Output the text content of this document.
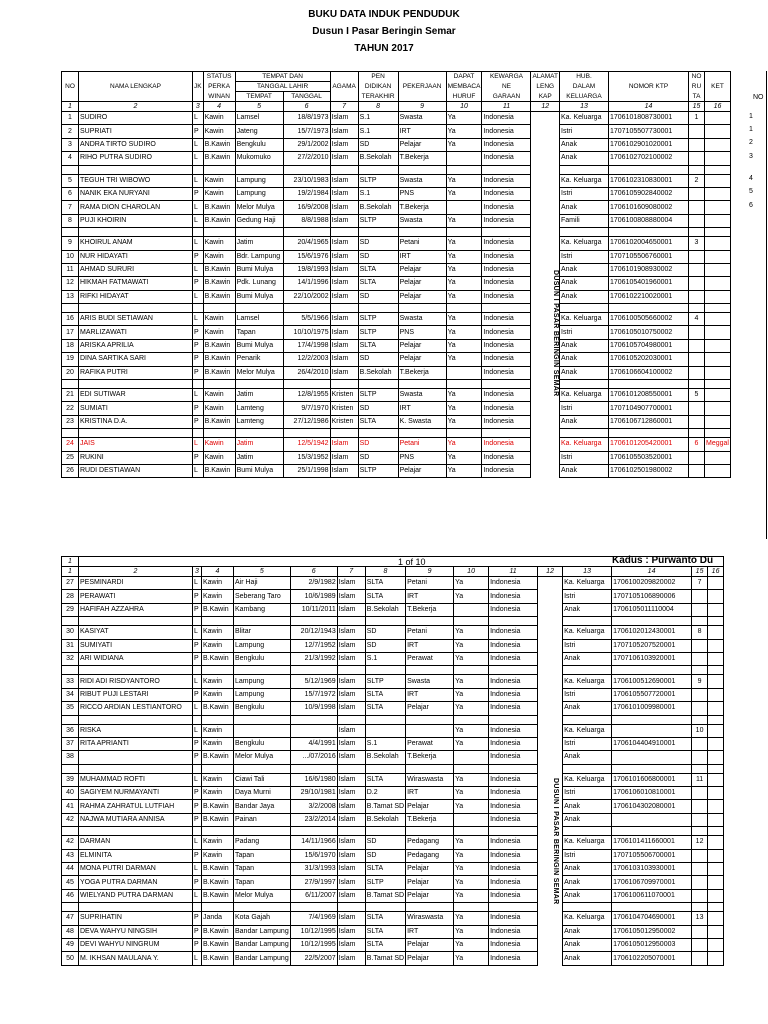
BUKU DATA INDUK PENDUDUK
Dusun I Pasar Beringin Semar
TAHUN 2017
NO	NAMA LENGKAP	JK	STATUS	TEMPAT DAN		AGAMA	PEN	PEKERJAAN	DAPAT	KEWARGA	ALAMAT	HUB.	NOMOR KTP	NO	KET
			PERKA	TANGGAL LAHIR			DIDIKAN		MEMBACA	NE	LENG	DALAM		RU	
			WINAN	TEMPAT	TANGGAL		TERAKHIR		HURUF	GARAAN	KAP	KELUARGA		TA	
1	2	3	4	5	6	7	8	9	10	11	12	13	14	15	16
1	SUDIRO	L	Kawin	Lamsel	18/8/1973	Islam	S.1	Swasta	Ya	Indonesia		Ka. Keluarga	1706101808730001	1	
2	SUPRIATI	P	Kawin	Jateng	15/7/1973	Islam	S.1	IRT	Ya	Indonesia		Istri	1707105507730001		
3	ANDRA TIRTO SUDIRO	L	B.Kawin	Bengkulu	29/1/2002	Islam	SD	Pelajar	Ya	Indonesia		Anak	1706102901020001		
4	RIHO PUTRA SUDIRO	L	B.Kawin	Mukomuko	27/2/2010	Islam	B.Sekolah	T.Bekerja		Indonesia		Anak	1706102702100002		

5	TEGUH TRI WIBOWO	L	Kawin	Lampung	23/10/1983	Islam	SLTP	Swasta	Ya	Indonesia		Ka. Keluarga	1706102310830001	2	
6	NANIK EKA NURYANI	P	Kawin	Lampung	19/2/1984	Islam	S.1	PNS	Ya	Indonesia		Istri	1706105902840002		
7	RAMA DION CHAROLAN	L	B.Kawin	Melor Mulya	16/9/2008	Islam	B.Sekolah	T.Bekerja		Indonesia		Anak	1706101609080002		
8	PUJI KHOIRIN	L	B.Kawin	Gedung Haji	8/8/1988	Islam	SLTP	Swasta	Ya	Indonesia		Famili	1706100808880004		

9	KHOIRUL ANAM	L	Kawin	Jatim	20/4/1965	Islam	SD	Petani	Ya	Indonesia		Ka. Keluarga	1706102004650001	3	
10	NUR HIDAYATI	P	Kawin	Bdr. Lampung	15/6/1976	Islam	SD	IRT	Ya	Indonesia		Istri	1707105506760001		
11	AHMAD SURURI	L	B.Kawin	Bumi Mulya	19/8/1993	Islam	SLTA	Pelajar	Ya	Indonesia		Anak	1706101908930002		
12	HIKMAH FATMAWATI	P	B.Kawin	Pdk. Lunang	14/1/1996	Islam	SLTA	Pelajar	Ya	Indonesia		Anak	1706105401960001		
13	RIFKI HIDAYAT	L	B.Kawin	Bumi Mulya	22/10/2002	Islam	SD	Pelajar	Ya	Indonesia		Anak	1706102210020001		

16	ARIS BUDI SETIAWAN	L	Kawin	Lamsel	5/5/1966	Islam	SLTP	Swasta	Ya	Indonesia		Ka. Keluarga	1706100505660002	4	
17	MARLIZAWATI	P	Kawin	Tapan	10/10/1975	Islam	SLTP	PNS	Ya	Indonesia		Istri	1706105010750002		
18	ARISKA APRILIA	P	B.Kawin	Bumi Mulya	17/4/1998	Islam	SLTA	Pelajar	Ya	Indonesia		Anak	1706105704980001		
19	DINA SARTIKA SARI	P	B.Kawin	Penarik	12/2/2003	Islam	SD	Pelajar	Ya	Indonesia		Anak	1706105202030001		
20	RAFIKA PUTRI	P	B.Kawin	Melor Mulya	26/4/2010	Islam	B.Sekolah	T.Bekerja		Indonesia		Anak	1706106604100002		

21	EDI SUTIWAR	L	Kawin	Jatim	12/8/1955	Kristen	SLTP	Swasta	Ya	Indonesia		Ka. Keluarga	1706101208550001	5	
22	SUMIATI	P	Kawin	Lamteng	9/7/1970	Kristen	SD	IRT	Ya	Indonesia		Istri	1707104907700001		
23	KRISTINA D.A.	P	B.Kawin	Lamteng	27/12/1986	Kristen	SLTA	K. Swasta	Ya	Indonesia		Anak	1706106712860001		

24	JAIS	L	Kawin	Jatim	12/5/1942	Islam	SD	Petani	Ya	Indonesia		Ka. Keluarga	1706101205420001	6	Meggal
25	RUKINI	P	Kawin	Jatim	15/3/1952	Islam	SD	PNS	Ya	Indonesia		Istri	1706105503520001		
26	RUDI DESTIAWAN	L	B.Kawin	Bumi Mulya	25/1/1998	Islam	SLTP	Pelajar	Ya	Indonesia		Anak	1706102501980002		
NO
1
1
2
3
4
5
6
DUSUN I PASAR BERINGIN SEMAR
1 of 10	Kadus : Purwanto Du
1															
1	2	3	4	5	6	7	8	9	10	11	12	13	14	15	16
27	PESMINARDI	L	Kawin	Air Haji	2/9/1982	Islam	SLTA	Petani	Ya	Indonesia		Ka. Keluarga	1706100209820002	7	
28	PERAWATI	P	Kawin	Seberang Taro	10/6/1989	Islam	SLTA	IRT	Ya	Indonesia		Istri	1707105106890006		
29	HAFIFAH AZZAHRA	P	B.Kawin	Kambang	10/11/2011	Islam	B.Sekolah	T.Bekerja		Indonesia		Anak	1706105011110004		

30	KASIYAT	L	Kawin	Blitar	20/12/1943	Islam	SD	Petani	Ya	Indonesia		Ka. Keluarga	1706102012430001	8	
31	SUMIYATI	P	Kawin	Lampung	12/7/1952	Islam	SD	IRT	Ya	Indonesia		Istri	1707105207520001		
32	ARI WIDIANA	P	B.Kawin	Bengkulu	21/3/1992	Islam	S.1	Perawat	Ya	Indonesia		Anak	1707106103920001		

33	RIDI ADI RISDYANTORO	L	Kawin	Lampung	5/12/1969	Islam	SLTP	Swasta	Ya	Indonesia		Ka. Keluarga	1706100512690001	9	
34	RIBUT PUJI LESTARI	P	Kawin	Lampung	15/7/1972	Islam	SLTA	IRT	Ya	Indonesia		Istri	1706105507720001		
35	RICCO ARDIAN LESTIANTORO	L	B.Kawin	Bengkulu	10/9/1998	Islam	SLTA	Pelajar	Ya	Indonesia		Anak	1706101009980001		

36	RISKA	L	Kawin			Islam			Ya	Indonesia		Ka. Keluarga		10	
37	RITA APRIANTI	P	Kawin	Bengkulu	4/4/1991	Islam	S.1	Perawat	Ya	Indonesia		Istri	1706104404910001		
38		P	B.Kawin	Melor Mulya	.../07/2016	Islam	B.Sekolah	T.Bekerja		Indonesia		Anak			

39	MUHAMMAD ROFTI	L	Kawin	Ciawi Tali	16/6/1980	Islam	SLTA	Wiraswasta	Ya	Indonesia		Ka. Keluarga	1706101606800001	11	
40	SAGIYEM NURMAYANTI	P	Kawin	Daya Murni	29/10/1981	Islam	D.2	IRT	Ya	Indonesia		Istri	1706106010810001		
41	RAHMA ZAHRATUL LUTFIAH	P	B.Kawin	Bandar Jaya	3/2/2008	Islam	B.Tamat SD	Pelajar	Ya	Indonesia		Anak	1706104302080001		
42	NAJWA MUTIARA ANNISA	P	B.Kawin	Painan	23/2/2014	Islam	B.Sekolah	T.Bekerja		Indonesia		Anak			

42	DARMAN	L	Kawin	Padang	14/11/1966	Islam	SD	Pedagang	Ya	Indonesia		Ka. Keluarga	1706101411660001	12	
43	ELMINITA	P	Kawin	Tapan	15/6/1970	Islam	SD	Pedagang	Ya	Indonesia		Istri	1707105506700001		
44	MONA PUTRI DARMAN	L	B.Kawin	Tapan	31/3/1993	Islam	SLTA	Pelajar	Ya	Indonesia		Anak	1706103103930001		
45	YOGA PUTRA DARMAN	P	B.Kawin	Tapan	27/9/1997	Islam	SLTP	Pelajar	Ya	Indonesia		Anak	1706106709970001		
46	WIELYAND PUTRA DARMAN	L	B.Kawin	Melor Mulya	6/11/2007	Islam	B.Tamat SD	Pelajar	Ya	Indonesia		Anak	1706100611070001		

47	SUPRIHATIN	P	Janda	Kota Gajah	7/4/1969	Islam	SLTA	Wiraswasta	Ya	Indonesia		Ka. Keluarga	1706104704690001	13	
48	DEVA WAHYU NINGSIH	P	B.Kawin	Bandar Lampung	10/12/1995	Islam	SLTA	IRT	Ya	Indonesia		Anak	1706105012950002		
49	DEVI WAHYU NINGRUM	P	B.Kawin	Bandar Lampung	10/12/1995	Islam	SLTA	Pelajar	Ya	Indonesia		Anak	1706105012950003		
50	M. IKHSAN MAULANA Y.	L	B.Kawin	Bandar Lampung	22/5/2007	Islam	B.Tamat SD	Pelajar	Ya	Indonesia		Anak	1706102205070001		
DUSUN I PASAR BERINGIN SEMAR
